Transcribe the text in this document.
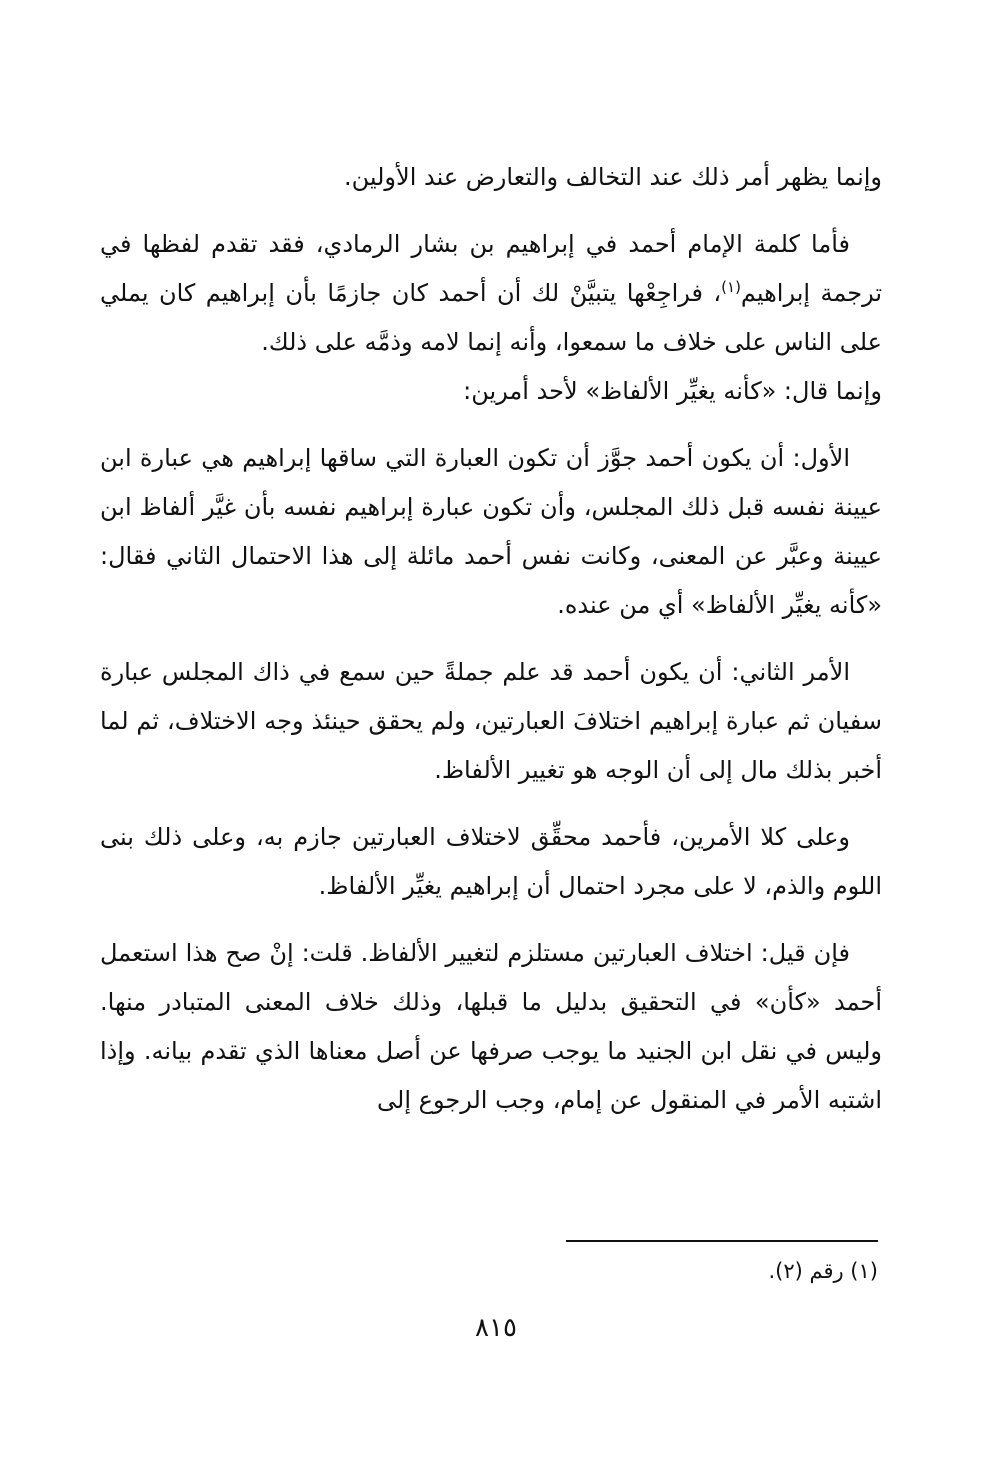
وإنما يظهر أمر ذلك عند التخالف والتعارض عند الأولين.

فأما كلمة الإمام أحمد في إبراهيم بن بشار الرمادي، فقد تقدم لفظها في ترجمة إبراهيم$^{(١)}$، فراجِعْها يتبيَّنْ لك أن أحمد كان جازمًا بأن إبراهيم كان يملي على الناس على خلاف ما سمعوا، وأنه إنما لامه وذمَّه على ذلك.

وإنما قال: «كأنه يغيِّر الألفاظ» لأحد أمرين:

الأول: أن يكون أحمد جوَّز أن تكون العبارة التي ساقها إبراهيم هي عبارة ابن عيينة نفسه قبل ذلك المجلس، وأن تكون عبارة إبراهيم نفسه بأن غيَّر ألفاظ ابن عيينة وعبَّر عن المعنى، وكانت نفس أحمد مائلة إلى هذا الاحتمال الثاني فقال: «كأنه يغيِّر الألفاظ» أي من عنده.

الأمر الثاني: أن يكون أحمد قد علم جملةً حين سمع في ذاك المجلس عبارة سفيان ثم عبارة إبراهيم اختلافَ العبارتين، ولم يحقق حينئذ وجه الاختلاف، ثم لما أخبر بذلك مال إلى أن الوجه هو تغيير الألفاظ.

وعلى كلا الأمرين، فأحمد محقِّق لاختلاف العبارتين جازم به، وعلى ذلك بنى اللوم والذم، لا على مجرد احتمال أن إبراهيم يغيِّر الألفاظ.

فإن قيل: اختلاف العبارتين مستلزم لتغيير الألفاظ. قلت: إنْ صح هذا استعمل أحمد «كأن» في التحقيق بدليل ما قبلها، وذلك خلاف المعنى المتبادر منها. وليس في نقل ابن الجنيد ما يوجب صرفها عن أصل معناها الذي تقدم بيانه. وإذا اشتبه الأمر في المنقول عن إمام، وجب الرجوع إلى

(١) رقم (٢).
٨١٥
